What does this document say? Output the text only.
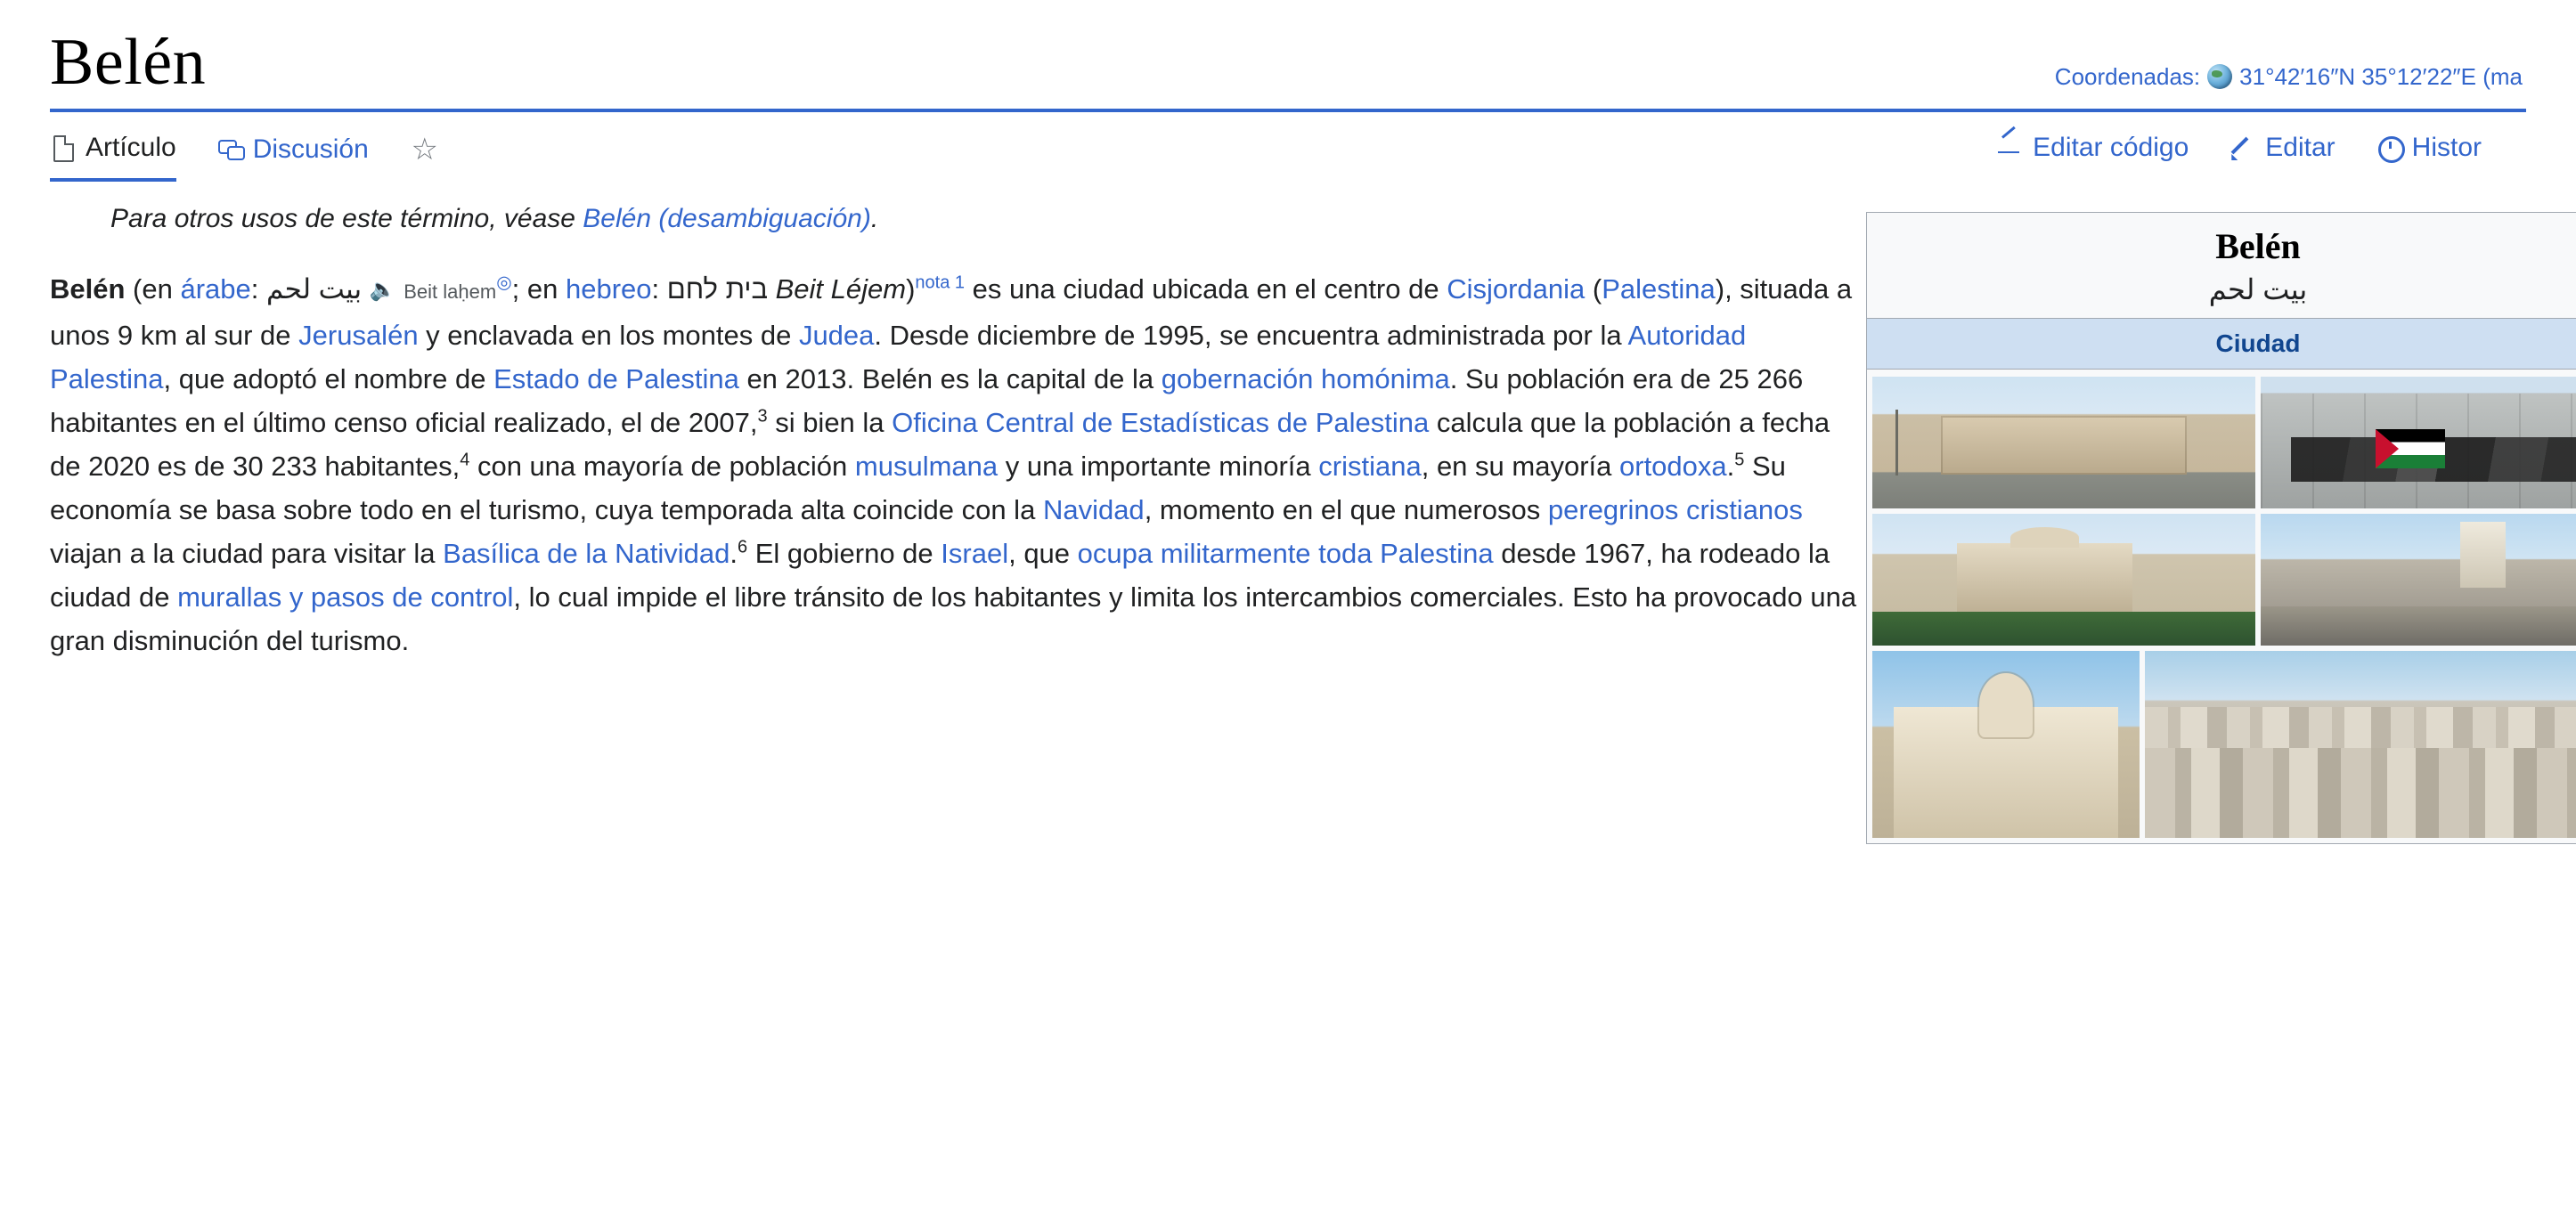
Belén	Coordenadas: 31°42′16″N 35°12′22″E (ma
Artículo	Discusión ☆	Editar código	Editar	Histor
Para otros usos de este término, véase Belén (desambiguación).

Belén (en árabe: بيت لحم 🔈 Beit laḥem◎; en hebreo: בית לחם Beit Léjem)$^{nota 1}$ es una ciudad ubicada en el centro de Cisjordania (Palestina), situada a unos 9 km al sur de Jerusalén y enclavada en los montes de Judea. Desde diciembre de 1995, se encuentra administrada por la Autoridad Palestina, que adoptó el nombre de Estado de Palestina en 2013. Belén es la capital de la gobernación homónima. Su población era de 25 266 habitantes en el último censo oficial realizado, el de 2007,$^3$ si bien la Oficina Central de Estadísticas de Palestina calcula que la población a fecha de 2020 es de 30 233 habitantes,$^4$ con una mayoría de población musulmana y una importante minoría cristiana, en su mayoría ortodoxa.$^5$ Su economía se basa sobre todo en el turismo, cuya temporada alta coincide con la Navidad, momento en el que numerosos peregrinos cristianos viajan a la ciudad para visitar la Basílica de la Natividad.$^6$ El gobierno de Israel, que ocupa militarmente toda Palestina desde 1967, ha rodeado la ciudad de murallas y pasos de control, lo cual impide el libre tránsito de los habitantes y limita los intercambios comerciales. Esto ha provocado una gran disminución del turismo.

Belén
بيت لحم
Ciudad
